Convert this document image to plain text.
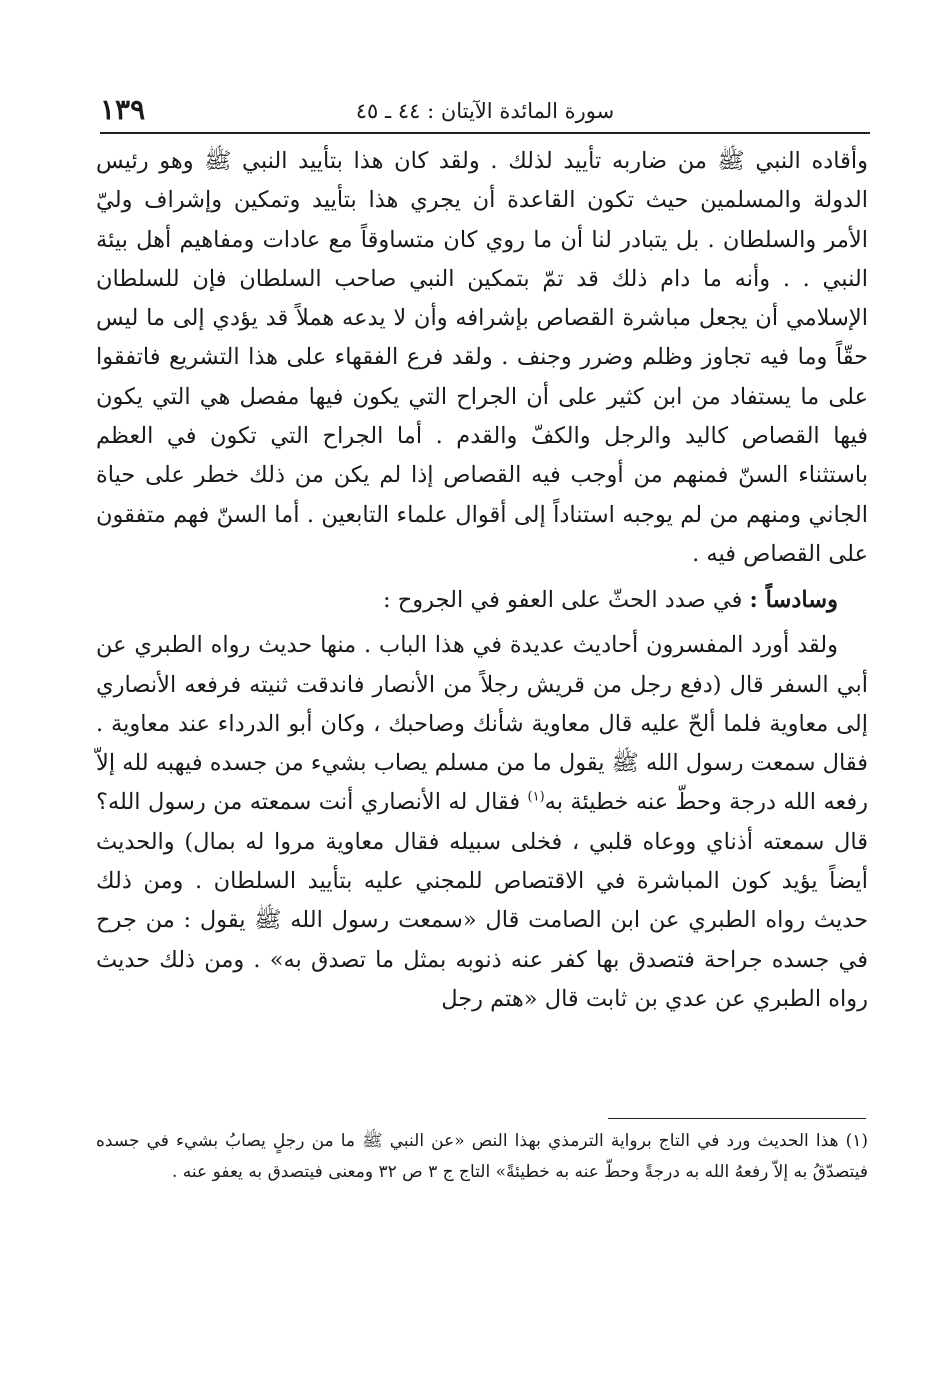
١٣٩	سورة المائدة الآيتان : ٤٤ ـ ٤٥

وأقاده النبي ﷺ من ضاربه تأييد لذلك . ولقد كان هذا بتأييد النبي ﷺ وهو رئيس الدولة والمسلمين حيث تكون القاعدة أن يجري هذا بتأييد وتمكين وإشراف وليّ الأمر والسلطان . بل يتبادر لنا أن ما روي كان متساوقاً مع عادات ومفاهيم أهل بيئة النبي . . وأنه ما دام ذلك قد تمّ بتمكين النبي صاحب السلطان فإن للسلطان الإسلامي أن يجعل مباشرة القصاص بإشرافه وأن لا يدعه هملاً قد يؤدي إلى ما ليس حقّاً وما فيه تجاوز وظلم وضرر وجنف . ولقد فرع الفقهاء على هذا التشريع فاتفقوا على ما يستفاد من ابن كثير على أن الجراح التي يكون فيها مفصل هي التي يكون فيها القصاص كاليد والرجل والكفّ والقدم . أما الجراح التي تكون في العظم باستثناء السنّ فمنهم من أوجب فيه القصاص إذا لم يكن من ذلك خطر على حياة الجاني ومنهم من لم يوجبه استناداً إلى أقوال علماء التابعين . أما السنّ فهم متفقون على القصاص فيه .

وسادساً : في صدد الحثّ على العفو في الجروح :

ولقد أورد المفسرون أحاديث عديدة في هذا الباب . منها حديث رواه الطبري عن أبي السفر قال (دفع رجل من قريش رجلاً من الأنصار فاندقت ثنيته فرفعه الأنصاري إلى معاوية فلما ألحّ عليه قال معاوية شأنك وصاحبك ، وكان أبو الدرداء عند معاوية . فقال سمعت رسول الله ﷺ يقول ما من مسلم يصاب بشيء من جسده فيهبه لله إلاّ رفعه الله درجة وحطّ عنه خطيئة به$^{(١)}$ فقال له الأنصاري أنت سمعته من رسول الله؟ قال سمعته أذناي ووعاه قلبي ، فخلى سبيله فقال معاوية مروا له بمال) والحديث أيضاً يؤيد كون المباشرة في الاقتصاص للمجني عليه بتأييد السلطان . ومن ذلك حديث رواه الطبري عن ابن الصامت قال «سمعت رسول الله ﷺ يقول : من جرح في جسده جراحة فتصدق بها كفر عنه ذنوبه بمثل ما تصدق به» . ومن ذلك حديث رواه الطبري عن عدي بن ثابت قال «هتم رجل

(١) هذا الحديث ورد في التاج برواية الترمذي بهذا النص «عن النبي ﷺ ما من رجلٍ يصابُ بشيء في جسده فيتصدّقُ به إلاّ رفعهُ الله به درجةً وحطّ عنه به خطيئةً» التاج ج ٣ ص ٣٢ ومعنى فيتصدق به يعفو عنه .
